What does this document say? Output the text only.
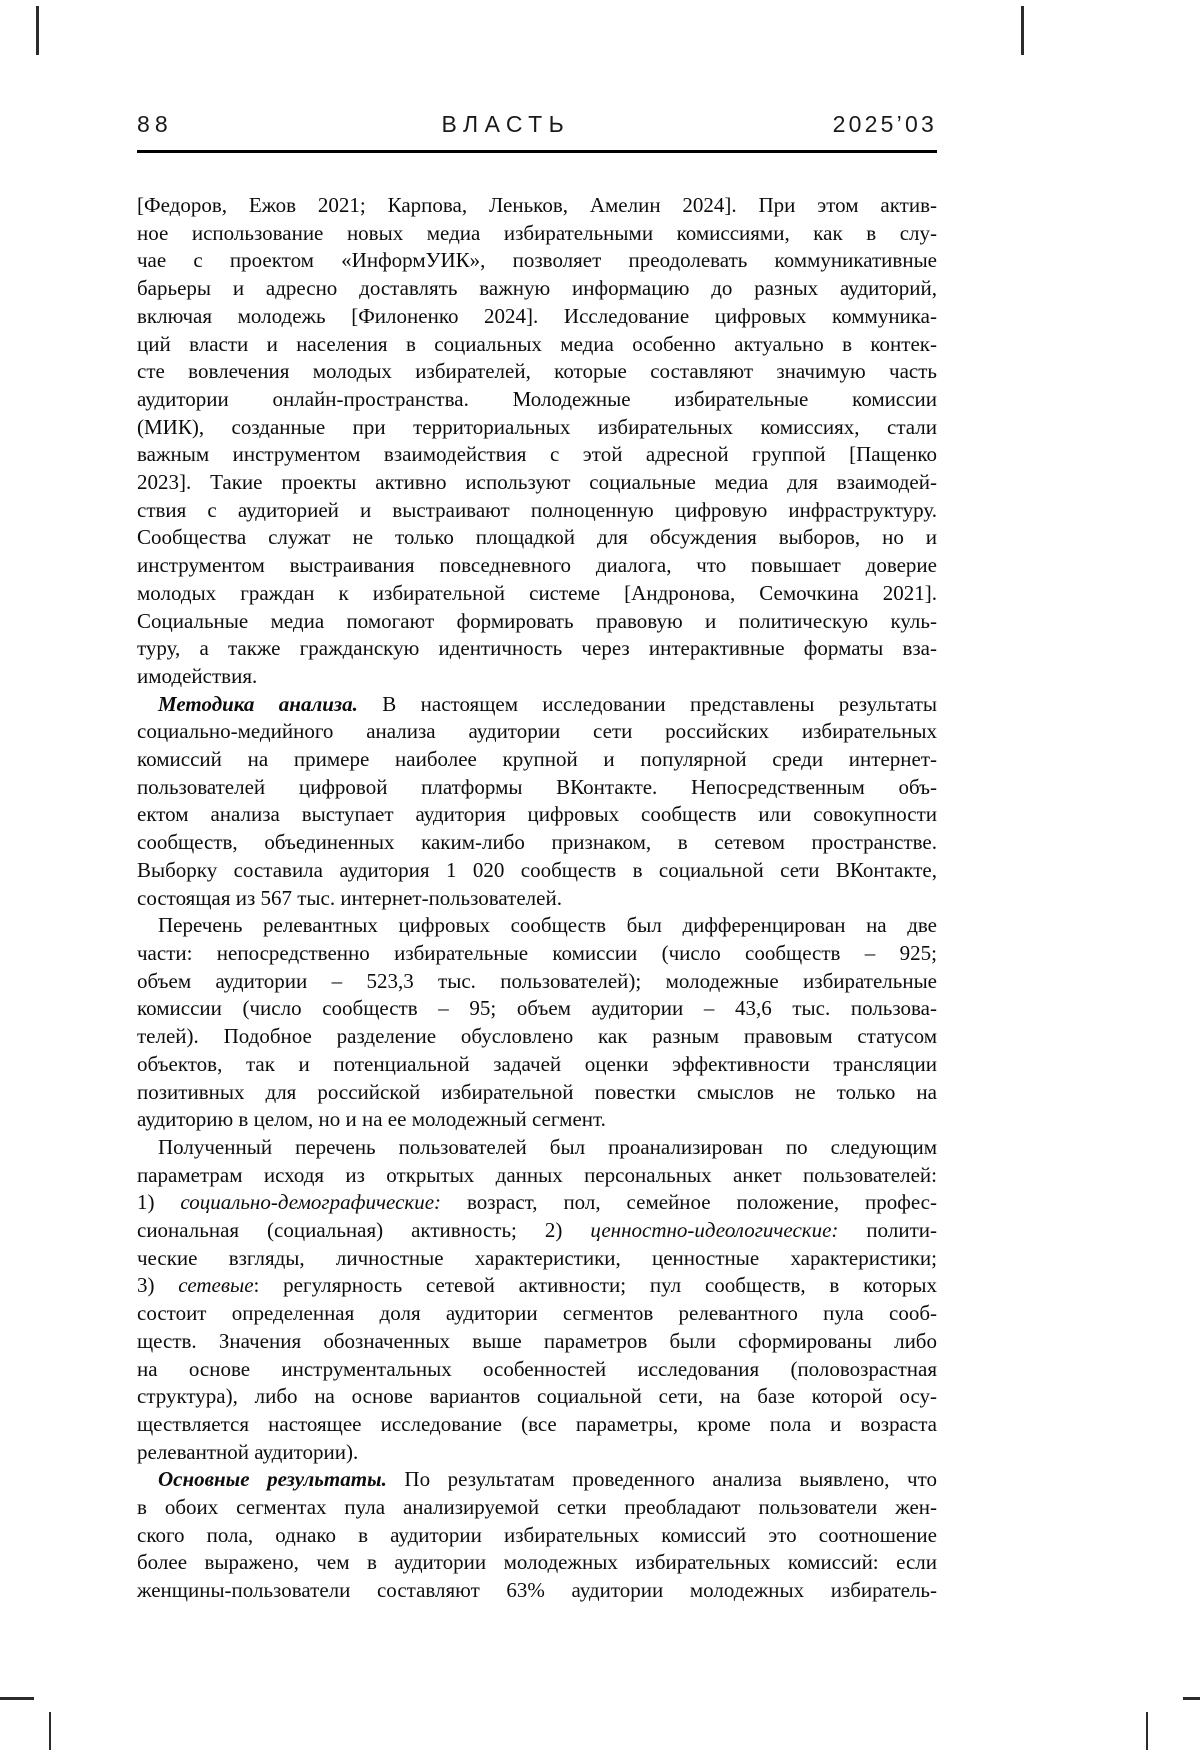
88	ВЛАСТЬ	2025’03
[Федоров, Ежов 2021; Карпова, Леньков, Амелин 2024]. При этом актив-
ное использование новых медиа избирательными комиссиями, как в слу-
чае с проектом «ИнформУИК», позволяет преодолевать коммуникативные
барьеры и адресно доставлять важную информацию до разных аудиторий,
включая молодежь [Филоненко 2024]. Исследование цифровых коммуника-
ций власти и населения в социальных медиа особенно актуально в контек-
сте вовлечения молодых избирателей, которые составляют значимую часть
аудитории онлайн-пространства. Молодежные избирательные комиссии
(МИК), созданные при территориальных избирательных комиссиях, стали
важным инструментом взаимодействия с этой адресной группой [Пащенко
2023]. Такие проекты активно используют социальные медиа для взаимодей-
ствия с аудиторией и выстраивают полноценную цифровую инфраструктуру.
Сообщества служат не только площадкой для обсуждения выборов, но и
инструментом выстраивания повседневного диалога, что повышает доверие
молодых граждан к избирательной системе [Андронова, Семочкина 2021].
Социальные медиа помогают формировать правовую и политическую куль-
туру, а также гражданскую идентичность через интерактивные форматы вза-
имодействия.
Методика анализа. В настоящем исследовании представлены результаты
социально-медийного анализа аудитории сети российских избирательных
комиссий на примере наиболее крупной и популярной среди интернет-
пользователей цифровой платформы ВКонтакте. Непосредственным объ-
ектом анализа выступает аудитория цифровых сообществ или совокупности
сообществ, объединенных каким-либо признаком, в сетевом пространстве.
Выборку составила аудитория 1 020 сообществ в социальной сети ВКонтакте,
состоящая из 567 тыс. интернет-пользователей.
Перечень релевантных цифровых сообществ был дифференцирован на две
части: непосредственно избирательные комиссии (число сообществ – 925;
объем аудитории – 523,3 тыс. пользователей); молодежные избирательные
комиссии (число сообществ – 95; объем аудитории – 43,6 тыс. пользова-
телей). Подобное разделение обусловлено как разным правовым статусом
объектов, так и потенциальной задачей оценки эффективности трансляции
позитивных для российской избирательной повестки смыслов не только на
аудиторию в целом, но и на ее молодежный сегмент.
Полученный перечень пользователей был проанализирован по следующим
параметрам исходя из открытых данных персональных анкет пользователей:
1) социально-демографические: возраст, пол, семейное положение, профес-
сиональная (социальная) активность; 2) ценностно-идеологические: полити-
ческие взгляды, личностные характеристики, ценностные характеристики;
3) сетевые: регулярность сетевой активности; пул сообществ, в которых
состоит определенная доля аудитории сегментов релевантного пула сооб-
ществ. Значения обозначенных выше параметров были сформированы либо
на основе инструментальных особенностей исследования (половозрастная
структура), либо на основе вариантов социальной сети, на базе которой осу-
ществляется настоящее исследование (все параметры, кроме пола и возраста
релевантной аудитории).
Основные результаты. По результатам проведенного анализа выявлено, что
в обоих сегментах пула анализируемой сетки преобладают пользователи жен-
ского пола, однако в аудитории избирательных комиссий это соотношение
более выражено, чем в аудитории молодежных избирательных комиссий: если
женщины-пользователи составляют 63% аудитории молодежных избиратель-
